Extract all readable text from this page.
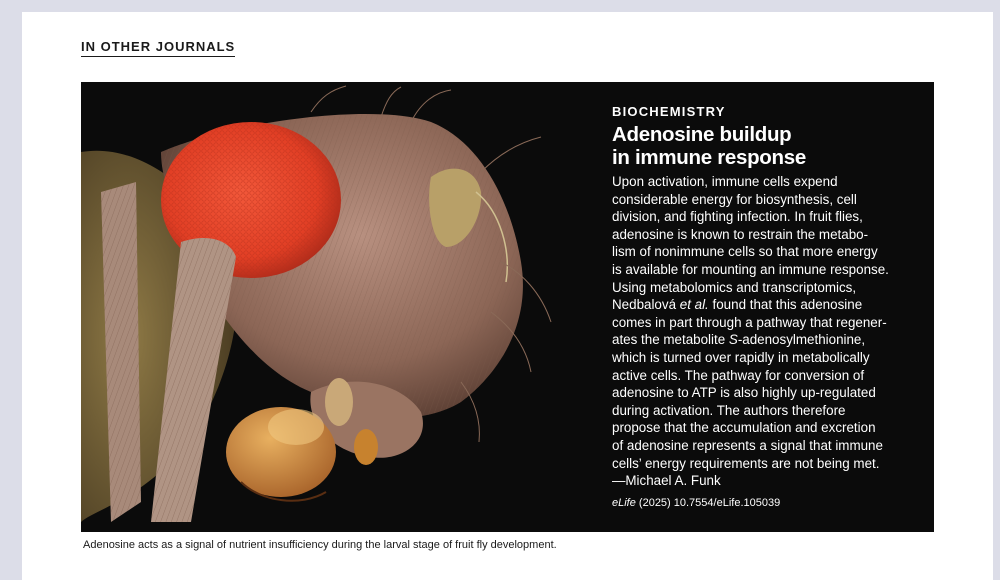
IN OTHER JOURNALS
BIOCHEMISTRY
Adenosine buildup
in immune response

Upon activation, immune cells expend
considerable energy for biosynthesis, cell
division, and fighting infection. In fruit flies,
adenosine is known to restrain the metabo-
lism of nonimmune cells so that more energy
is available for mounting an immune response.
Using metabolomics and transcriptomics,
Nedbalová et al. found that this adenosine
comes in part through a pathway that regener-
ates the metabolite S-adenosylmethionine,
which is turned over rapidly in metabolically
active cells. The pathway for conversion of
adenosine to ATP is also highly up-regulated
during activation. The authors therefore
propose that the accumulation and excretion
of adenosine represents a signal that immune
cells’ energy requirements are not being met.
—Michael A. Funk

eLife (2025) 10.7554/eLife.105039
Adenosine acts as a signal of nutrient insufficiency during the larval stage of fruit fly development.
